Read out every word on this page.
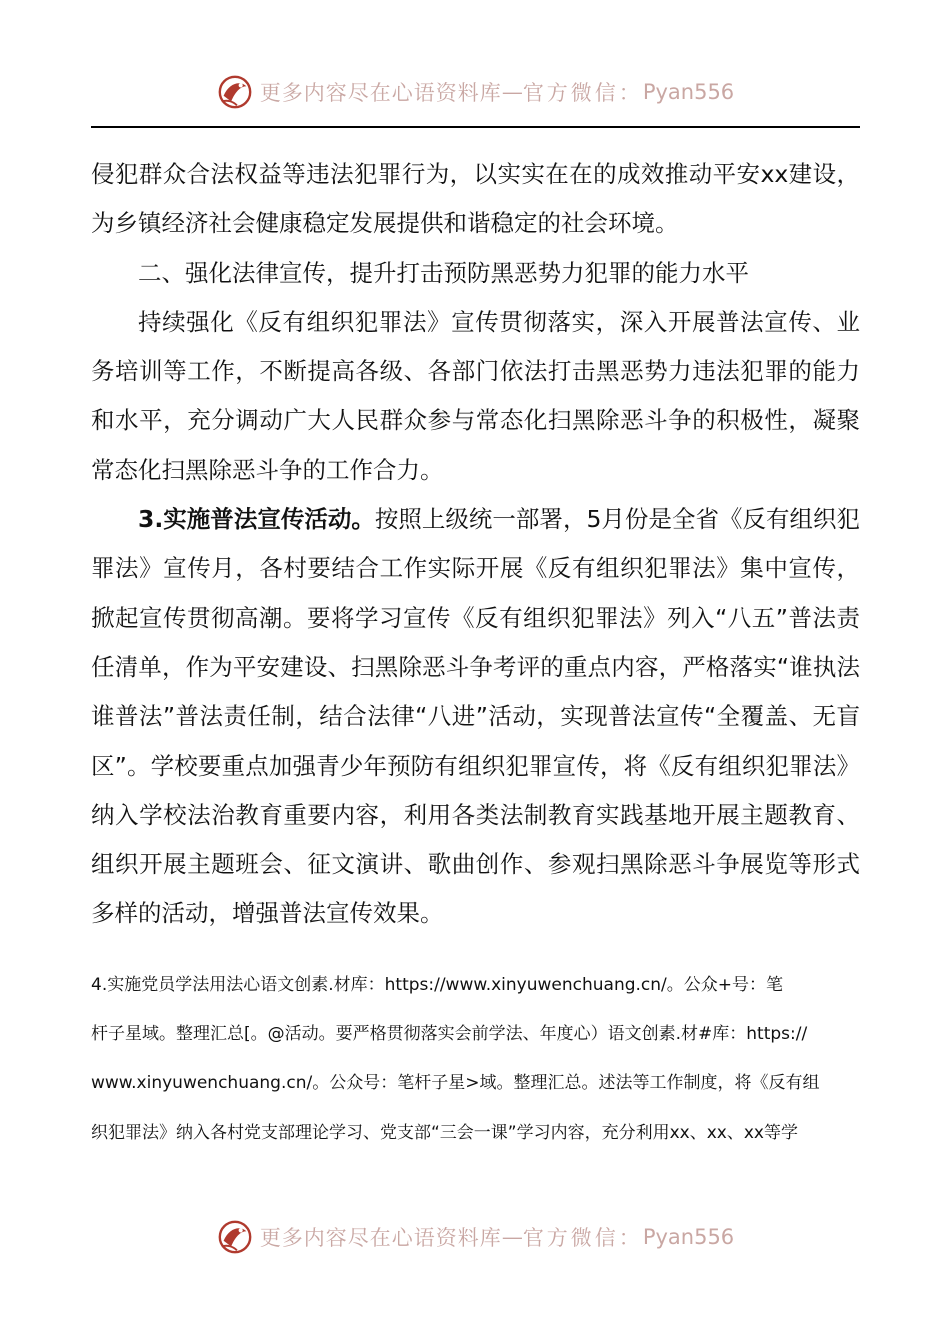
更多内容尽在心语资料库 — 官方微信： Pyan556

侵犯群众合法权益等违法犯罪行为，以实实在在的成效推动平安xx建设，为乡镇经济社会健康稳定发展提供和谐稳定的社会环境。

二、强化法律宣传，提升打击预防黑恶势力犯罪的能力水平

持续强化《反有组织犯罪法》宣传贯彻落实，深入开展普法宣传、业务培训等工作，不断提高各级、各部门依法打击黑恶势力违法犯罪的能力和水平，充分调动广大人民群众参与常态化扫黑除恶斗争的积极性，凝聚常态化扫黑除恶斗争的工作合力。

3.实施普法宣传活动。按照上级统一部署，5月份是全省《反有组织犯罪法》宣传月，各村要结合工作实际开展《反有组织犯罪法》集中宣传，掀起宣传贯彻高潮。要将学习宣传《反有组织犯罪法》列入“八五”普法责任清单，作为平安建设、扫黑除恶斗争考评的重点内容，严格落实“谁执法谁普法”普法责任制，结合法律“八进”活动，实现普法宣传“全覆盖、无盲区”。学校要重点加强青少年预防有组织犯罪宣传，将《反有组织犯罪法》纳入学校法治教育重要内容，利用各类法制教育实践基地开展主题教育、组织开展主题班会、征文演讲、歌曲创作、参观扫黑除恶斗争展览等形式多样的活动，增强普法宣传效果。

4.实施党员学法用法心语文创素.材库：https://www.xinyuwenchuang.cn/。公众+号：笔

杆子星域。整理汇总[。@活动。要严格贯彻落实会前学法、年度心）语文创素.材#库：https://

www.xinyuwenchuang.cn/。公众号：笔杆子星>域。整理汇总。述法等工作制度，将《反有组

织犯罪法》纳入各村党支部理论学习、党支部“三会一课”学习内容，充分利用xx、xx、xx等学

更多内容尽在心语资料库 — 官方微信： Pyan556
